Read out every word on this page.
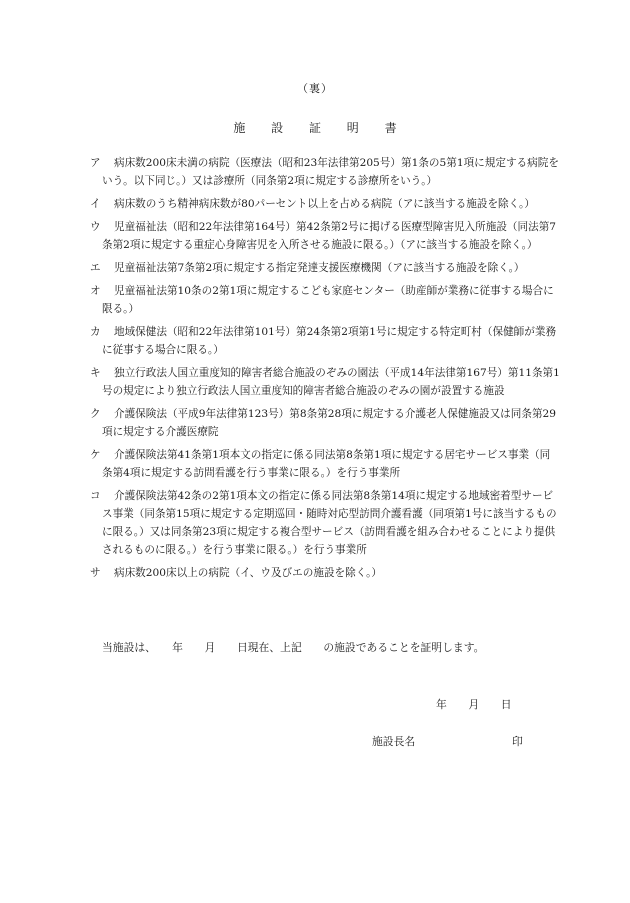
（裏）
施 設 証 明 書
ア	病床数200床未満の病院（医療法（昭和23年法律第205号）第1条の5第1項に規定する病院をいう。以下同じ。）又は診療所（同条第2項に規定する診療所をいう。）
イ	病床数のうち精神病床数が80パーセント以上を占める病院（アに該当する施設を除く。）
ウ	児童福祉法（昭和22年法律第164号）第42条第2号に掲げる医療型障害児入所施設（同法第7条第2項に規定する重症心身障害児を入所させる施設に限る。）（アに該当する施設を除く。）
エ	児童福祉法第7条第2項に規定する指定発達支援医療機関（アに該当する施設を除く。）
オ	児童福祉法第10条の2第1項に規定するこども家庭センター（助産師が業務に従事する場合に限る。）
カ	地域保健法（昭和22年法律第101号）第24条第2項第1号に規定する特定町村（保健師が業務に従事する場合に限る。）
キ	独立行政法人国立重度知的障害者総合施設のぞみの園法（平成14年法律第167号）第11条第1号の規定により独立行政法人国立重度知的障害者総合施設のぞみの園が設置する施設
ク	介護保険法（平成9年法律第123号）第8条第28項に規定する介護老人保健施設又は同条第29項に規定する介護医療院
ケ	介護保険法第41条第1項本文の指定に係る同法第8条第1項に規定する居宅サービス事業（同条第4項に規定する訪問看護を行う事業に限る。）を行う事業所
コ	介護保険法第42条の2第1項本文の指定に係る同法第8条第14項に規定する地域密着型サービス事業（同条第15項に規定する定期巡回・随時対応型訪問介護看護（同項第1号に該当するものに限る。）又は同条第23項に規定する複合型サービス（訪問看護を組み合わせることにより提供されるものに限る。）を行う事業に限る。）を行う事業所
サ	病床数200床以上の病院（イ、ウ及びエの施設を除く。）
当施設は、　　年　　月　　日現在、上記　　の施設であることを証明します。
年　　月　　日
施設長名	印
